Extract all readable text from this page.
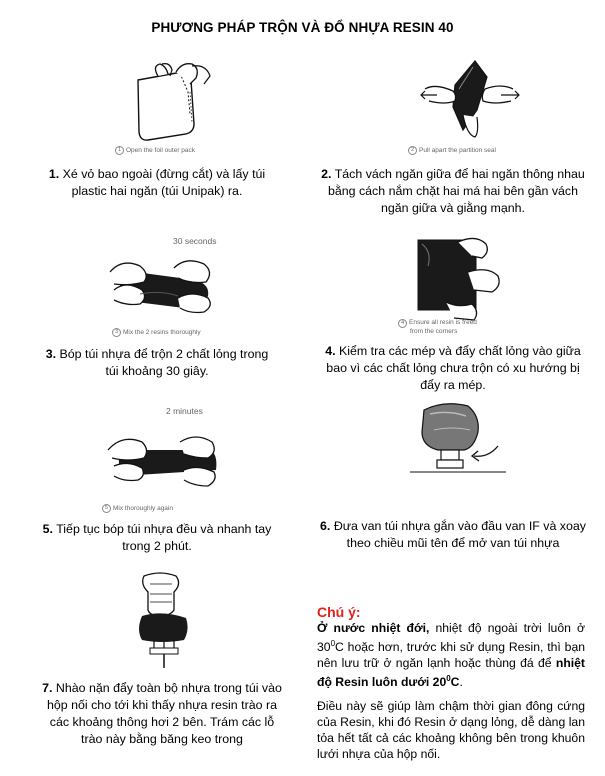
PHƯƠNG PHÁP TRỘN VÀ ĐỔ NHỰA RESIN 40
1 Open the foil outer pack	2 Pull apart the partition seal
1. Xé vỏ bao ngoài (đừng cắt) và lấy túi plastic hai ngăn (túi Unipak) ra.
2. Tách vách ngăn giữa để hai ngăn thông nhau bằng cách nắm chặt hai má hai bên gần vách ngăn giữa và giằng mạnh.
30 seconds
3 Mix the 2 resins thoroughly
4 Ensure all resin is freed
from the corners
3. Bóp túi nhựa để trộn 2 chất lỏng trong túi khoảng 30 giây.
4. Kiểm tra các mép và đẩy chất lỏng vào giữa bao vì các chất lỏng chưa trộn có xu hướng bị đẩy ra mép.
2 minutes
5 Mix thoroughly again
5. Tiếp tục bóp túi nhựa đều và nhanh tay trong 2 phút.
6. Đưa van túi nhựa gắn vào đầu van IF và xoay theo chiều mũi tên để mở van túi nhựa
7. Nhào nặn đẩy toàn bộ nhựa trong túi vào hộp nối cho tới khi thấy nhựa resin trào ra các khoảng thông hơi 2 bên. Trám các lỗ trào này bằng băng keo trong
Chú ý:

Ở nước nhiệt đới, nhiệt độ ngoài trời luôn ở $30^0C$ hoặc hơn, trước khi sử dụng Resin, thì bạn nên lưu trữ ở ngăn lạnh hoặc thùng đá để nhiệt độ Resin luôn dưới $20^0C$.

Điều này sẽ giúp làm chậm thời gian đông cứng của Resin, khi đó Resin ở dạng lỏng, dễ dàng lan tỏa hết tất cả các khoảng không bên trong khuôn lưới nhựa của hộp nối.
